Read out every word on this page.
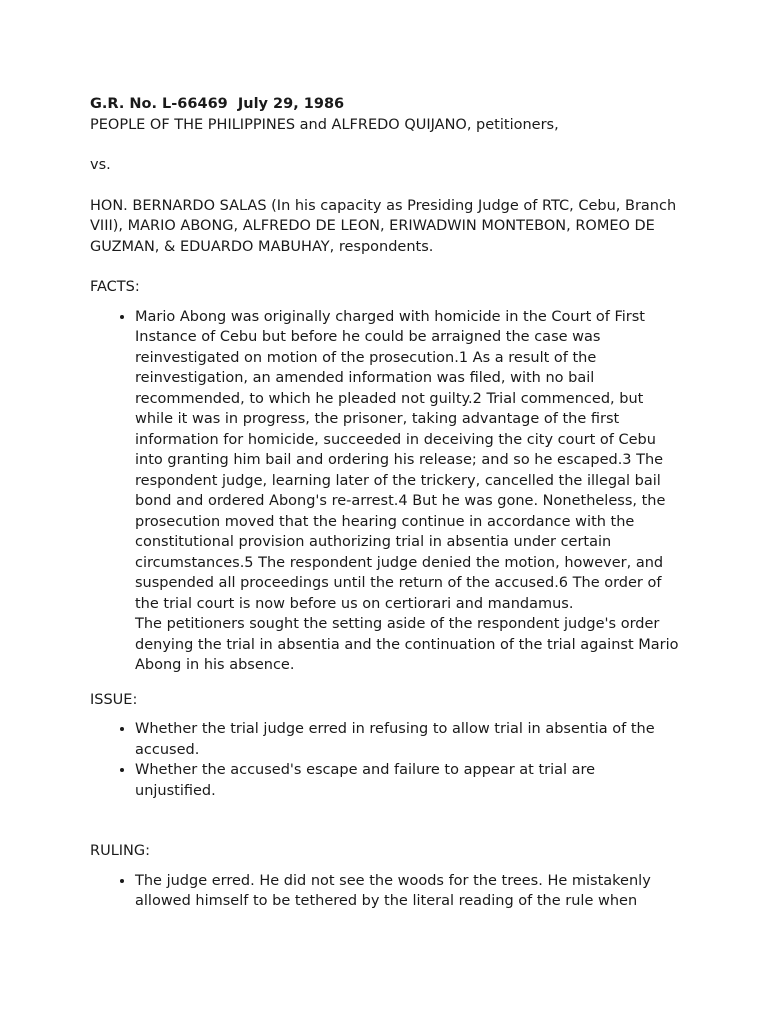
G.R. No. L-66469  July 29, 1986

PEOPLE OF THE PHILIPPINES and ALFREDO QUIJANO, petitioners,

vs.

HON. BERNARDO SALAS (In his capacity as Presiding Judge of RTC, Cebu, Branch VIII), MARIO ABONG, ALFREDO DE LEON, ERIWADWIN MONTEBON, ROMEO DE GUZMAN, & EDUARDO MABUHAY, respondents.

FACTS:

• Mario Abong was originally charged with homicide in the Court of First Instance of Cebu but before he could be arraigned the case was reinvestigated on motion of the prosecution.1 As a result of the reinvestigation, an amended information was filed, with no bail recommended, to which he pleaded not guilty.2 Trial commenced, but while it was in progress, the prisoner, taking advantage of the first information for homicide, succeeded in deceiving the city court of Cebu into granting him bail and ordering his release; and so he escaped.3 The respondent judge, learning later of the trickery, cancelled the illegal bail bond and ordered Abong's re-arrest.4 But he was gone. Nonetheless, the prosecution moved that the hearing continue in accordance with the constitutional provision authorizing trial in absentia under certain circumstances.5 The respondent judge denied the motion, however, and suspended all proceedings until the return of the accused.6 The order of the trial court is now before us on certiorari and mandamus.

The petitioners sought the setting aside of the respondent judge's order denying the trial in absentia and the continuation of the trial against Mario Abong in his absence.

ISSUE:

• Whether the trial judge erred in refusing to allow trial in absentia of the accused.
• Whether the accused's escape and failure to appear at trial are unjustified.

RULING:

• The judge erred. He did not see the woods for the trees. He mistakenly allowed himself to be tethered by the literal reading of the rule when
